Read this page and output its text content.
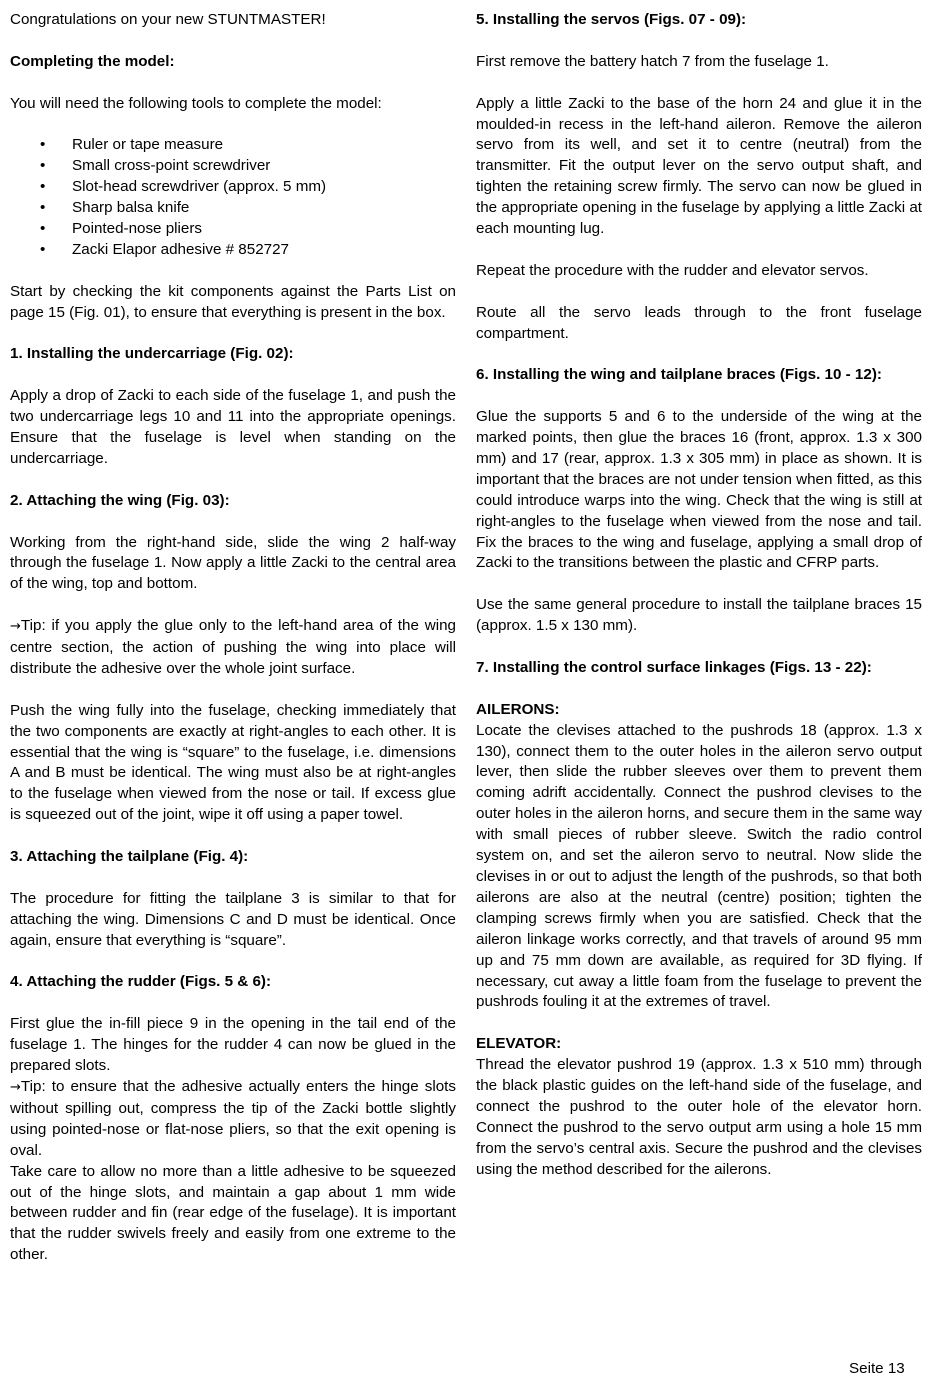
Congratulations on your new STUNTMASTER!

Completing the model:

You will need the following tools to complete the model:

• Ruler or tape measure
• Small cross-point screwdriver
• Slot-head screwdriver (approx. 5 mm)
• Sharp balsa knife
• Pointed-nose pliers
• Zacki Elapor adhesive # 852727

Start by checking the kit components against the Parts List on page 15 (Fig. 01), to ensure that everything is present in the box.

1. Installing the undercarriage (Fig. 02):

Apply a drop of Zacki to each side of the fuselage 1, and push the two undercarriage legs 10 and 11 into the appropriate openings. Ensure that the fuselage is level when standing on the undercarriage.

2. Attaching the wing (Fig. 03):

Working from the right-hand side, slide the wing 2 half-way through the fuselage 1. Now apply a little Zacki to the central area of the wing, top and bottom.

→Tip: if you apply the glue only to the left-hand area of the wing centre section, the action of pushing the wing into place will distribute the adhesive over the whole joint surface.

Push the wing fully into the fuselage, checking immediately that the two components are exactly at right-angles to each other. It is essential that the wing is “square” to the fuselage, i.e. dimensions A and B must be identical. The wing must also be at right-angles to the fuselage when viewed from the nose or tail. If excess glue is squeezed out of the joint, wipe it off using a paper towel.

3. Attaching the tailplane (Fig. 4):

The procedure for fitting the tailplane 3 is similar to that for attaching the wing. Dimensions C and D must be identical. Once again, ensure that everything is “square”.

4. Attaching the rudder (Figs. 5 & 6):

First glue the in-fill piece 9 in the opening in the tail end of the fuselage 1. The hinges for the rudder 4 can now be glued in the prepared slots.

→Tip: to ensure that the adhesive actually enters the hinge slots without spilling out, compress the tip of the Zacki bottle slightly using pointed-nose or flat-nose pliers, so that the exit opening is oval.

Take care to allow no more than a little adhesive to be squeezed out of the hinge slots, and maintain a gap about 1 mm wide between rudder and fin (rear edge of the fuselage). It is important that the rudder swivels freely and easily from one extreme to the other.

5. Installing the servos (Figs. 07 - 09):

First remove the battery hatch 7 from the fuselage 1.

Apply a little Zacki to the base of the horn 24 and glue it in the moulded-in recess in the left-hand aileron. Remove the aileron servo from its well, and set it to centre (neutral) from the transmitter. Fit the output lever on the servo output shaft, and tighten the retaining screw firmly. The servo can now be glued in the appropriate opening in the fuselage by applying a little Zacki at each mounting lug.

Repeat the procedure with the rudder and elevator servos.

Route all the servo leads through to the front fuselage compartment.

6. Installing the wing and tailplane braces (Figs. 10 - 12):

Glue the supports 5 and 6 to the underside of the wing at the marked points, then glue the braces 16 (front, approx. 1.3 x 300 mm) and 17 (rear, approx. 1.3 x 305 mm) in place as shown. It is important that the braces are not under tension when fitted, as this could introduce warps into the wing. Check that the wing is still at right-angles to the fuselage when viewed from the nose and tail. Fix the braces to the wing and fuselage, applying a small drop of Zacki to the transitions between the plastic and CFRP parts.

Use the same general procedure to install the tailplane braces 15 (approx. 1.5 x 130 mm).

7. Installing the control surface linkages (Figs. 13 - 22):
AILERONS:

Locate the clevises attached to the pushrods 18 (approx. 1.3 x 130), connect them to the outer holes in the aileron servo output lever, then slide the rubber sleeves over them to prevent them coming adrift accidentally. Connect the pushrod clevises to the outer holes in the aileron horns, and secure them in the same way with small pieces of rubber sleeve. Switch the radio control system on, and set the aileron servo to neutral. Now slide the clevises in or out to adjust the length of the pushrods, so that both ailerons are also at the neutral (centre) position; tighten the clamping screws firmly when you are satisfied. Check that the aileron linkage works correctly, and that travels of around 95 mm up and 75 mm down are available, as required for 3D flying. If necessary, cut away a little foam from the fuselage to prevent the pushrods fouling it at the extremes of travel.

ELEVATOR:

Thread the elevator pushrod 19 (approx. 1.3 x 510 mm) through the black plastic guides on the left-hand side of the fuselage, and connect the pushrod to the outer hole of the elevator horn. Connect the pushrod to the servo output arm using a hole 15 mm from the servo’s central axis. Secure the pushrod and the clevises using the method described for the ailerons.

Seite 13
